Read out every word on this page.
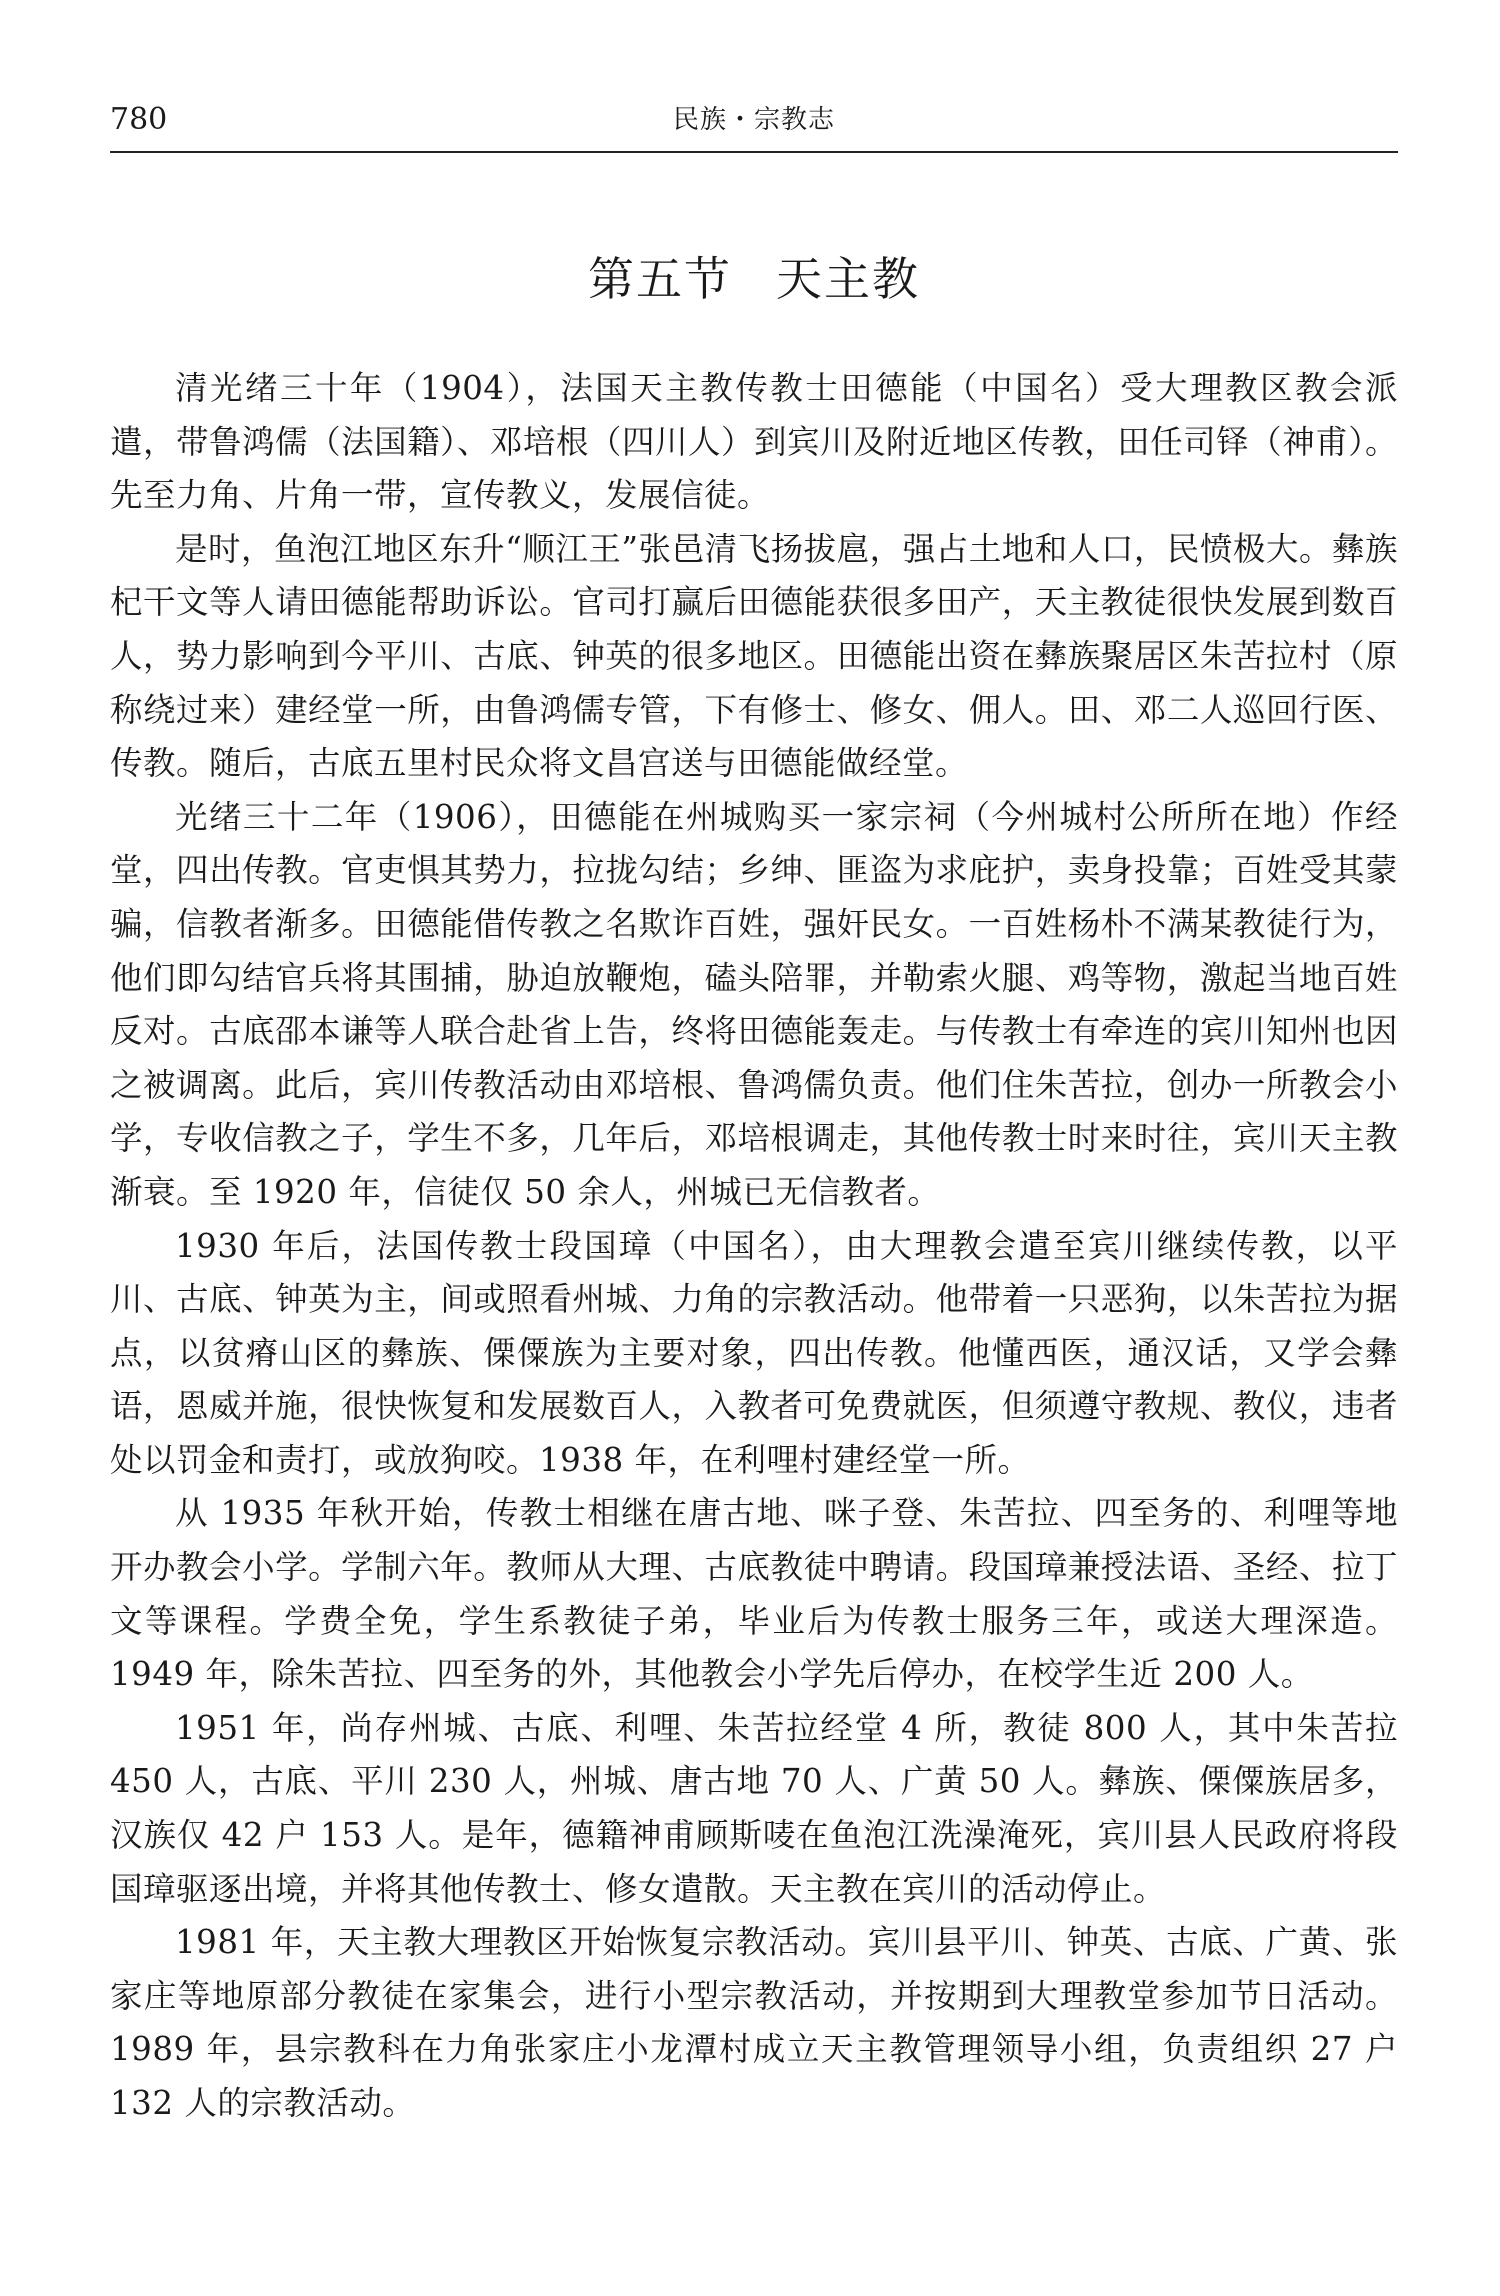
780	民族・宗教志
第五节 天主教

清光绪三十年（1904），法国天主教传教士田德能（中国名）受大理教区教会派遣，带鲁鸿儒（法国籍）、邓培根（四川人）到宾川及附近地区传教，田任司铎（神甫）。先至力角、片角一带，宣传教义，发展信徒。

是时，鱼泡江地区东升“顺江王”张邑清飞扬拔扈，强占土地和人口，民愤极大。彝族杞干文等人请田德能帮助诉讼。官司打赢后田德能获很多田产，天主教徒很快发展到数百人，势力影响到今平川、古底、钟英的很多地区。田德能出资在彝族聚居区朱苦拉村（原称绕过来）建经堂一所，由鲁鸿儒专管，下有修士、修女、佣人。田、邓二人巡回行医、传教。随后，古底五里村民众将文昌宫送与田德能做经堂。

光绪三十二年（1906），田德能在州城购买一家宗祠（今州城村公所所在地）作经堂，四出传教。官吏惧其势力，拉拢勾结；乡绅、匪盗为求庇护，卖身投靠；百姓受其蒙骗，信教者渐多。田德能借传教之名欺诈百姓，强奸民女。一百姓杨朴不满某教徒行为，他们即勾结官兵将其围捕，胁迫放鞭炮，磕头陪罪，并勒索火腿、鸡等物，激起当地百姓反对。古底邵本谦等人联合赴省上告，终将田德能轰走。与传教士有牵连的宾川知州也因之被调离。此后，宾川传教活动由邓培根、鲁鸿儒负责。他们住朱苦拉，创办一所教会小学，专收信教之子，学生不多，几年后，邓培根调走，其他传教士时来时往，宾川天主教渐衰。至 1920 年，信徒仅 50 余人，州城已无信教者。

1930 年后，法国传教士段国璋（中国名），由大理教会遣至宾川继续传教，以平川、古底、钟英为主，间或照看州城、力角的宗教活动。他带着一只恶狗，以朱苦拉为据点，以贫瘠山区的彝族、傈僳族为主要对象，四出传教。他懂西医，通汉话，又学会彝语，恩威并施，很快恢复和发展数百人，入教者可免费就医，但须遵守教规、教仪，违者处以罚金和责打，或放狗咬。1938 年，在利哩村建经堂一所。

从 1935 年秋开始，传教士相继在唐古地、咪子登、朱苦拉、四至务的、利哩等地开办教会小学。学制六年。教师从大理、古底教徒中聘请。段国璋兼授法语、圣经、拉丁文等课程。学费全免，学生系教徒子弟，毕业后为传教士服务三年，或送大理深造。1949 年，除朱苦拉、四至务的外，其他教会小学先后停办，在校学生近 200 人。

1951 年，尚存州城、古底、利哩、朱苦拉经堂 4 所，教徒 800 人，其中朱苦拉 450 人，古底、平川 230 人，州城、唐古地 70 人、广黄 50 人。彝族、傈僳族居多，汉族仅 42 户 153 人。是年，德籍神甫顾斯唛在鱼泡江洗澡淹死，宾川县人民政府将段国璋驱逐出境，并将其他传教士、修女遣散。天主教在宾川的活动停止。

1981 年，天主教大理教区开始恢复宗教活动。宾川县平川、钟英、古底、广黄、张家庄等地原部分教徒在家集会，进行小型宗教活动，并按期到大理教堂参加节日活动。1989 年，县宗教科在力角张家庄小龙潭村成立天主教管理领导小组，负责组织 27 户 132 人的宗教活动。
